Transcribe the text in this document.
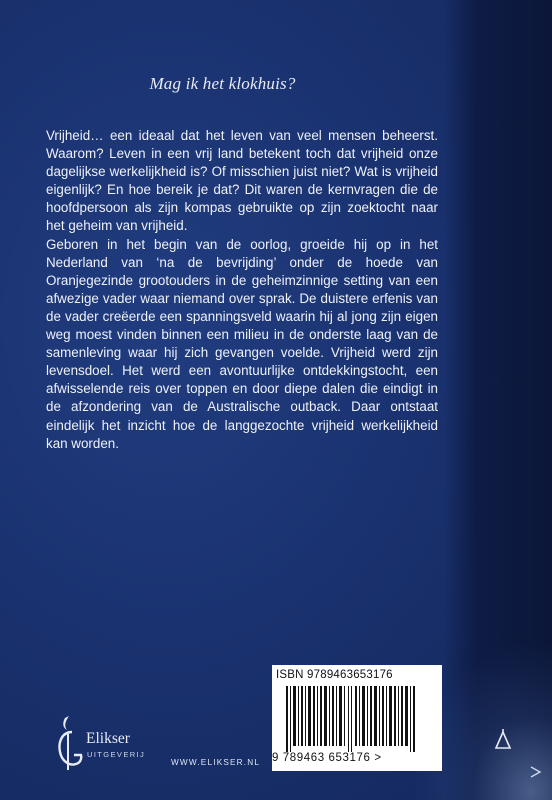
Mag ik het klokhuis?

Vrijheid… een ideaal dat het leven van veel mensen beheerst. Waarom? Leven in een vrij land betekent toch dat vrijheid onze dagelijkse werkelijkheid is? Of misschien juist niet? Wat is vrijheid eigenlijk? En hoe bereik je dat? Dit waren de kernvragen die de hoofdpersoon als zijn kompas gebruikte op zijn zoektocht naar het geheim van vrijheid.

Geboren in het begin van de oorlog, groeide hij op in het Nederland van ‘na de bevrijding’ onder de hoede van Oranjegezinde grootouders in de geheimzinnige setting van een afwezige vader waar niemand over sprak. De duistere erfenis van de vader creëerde een spanningsveld waarin hij al jong zijn eigen weg moest vinden binnen een milieu in de onderste laag van de samenleving waar hij zich gevangen voelde. Vrijheid werd zijn levensdoel. Het werd een avontuurlijke ontdekkingstocht, een afwisselende reis over toppen en door diepe dalen die eindigt in de afzondering van de Australische outback. Daar ontstaat eindelijk het inzicht hoe de langgezochte vrijheid werkelijkheid kan worden.

ISBN 9789463653176
9 789463 653176 >
Elikser
UITGEVERIJ
WWW.ELIKSER.NL
